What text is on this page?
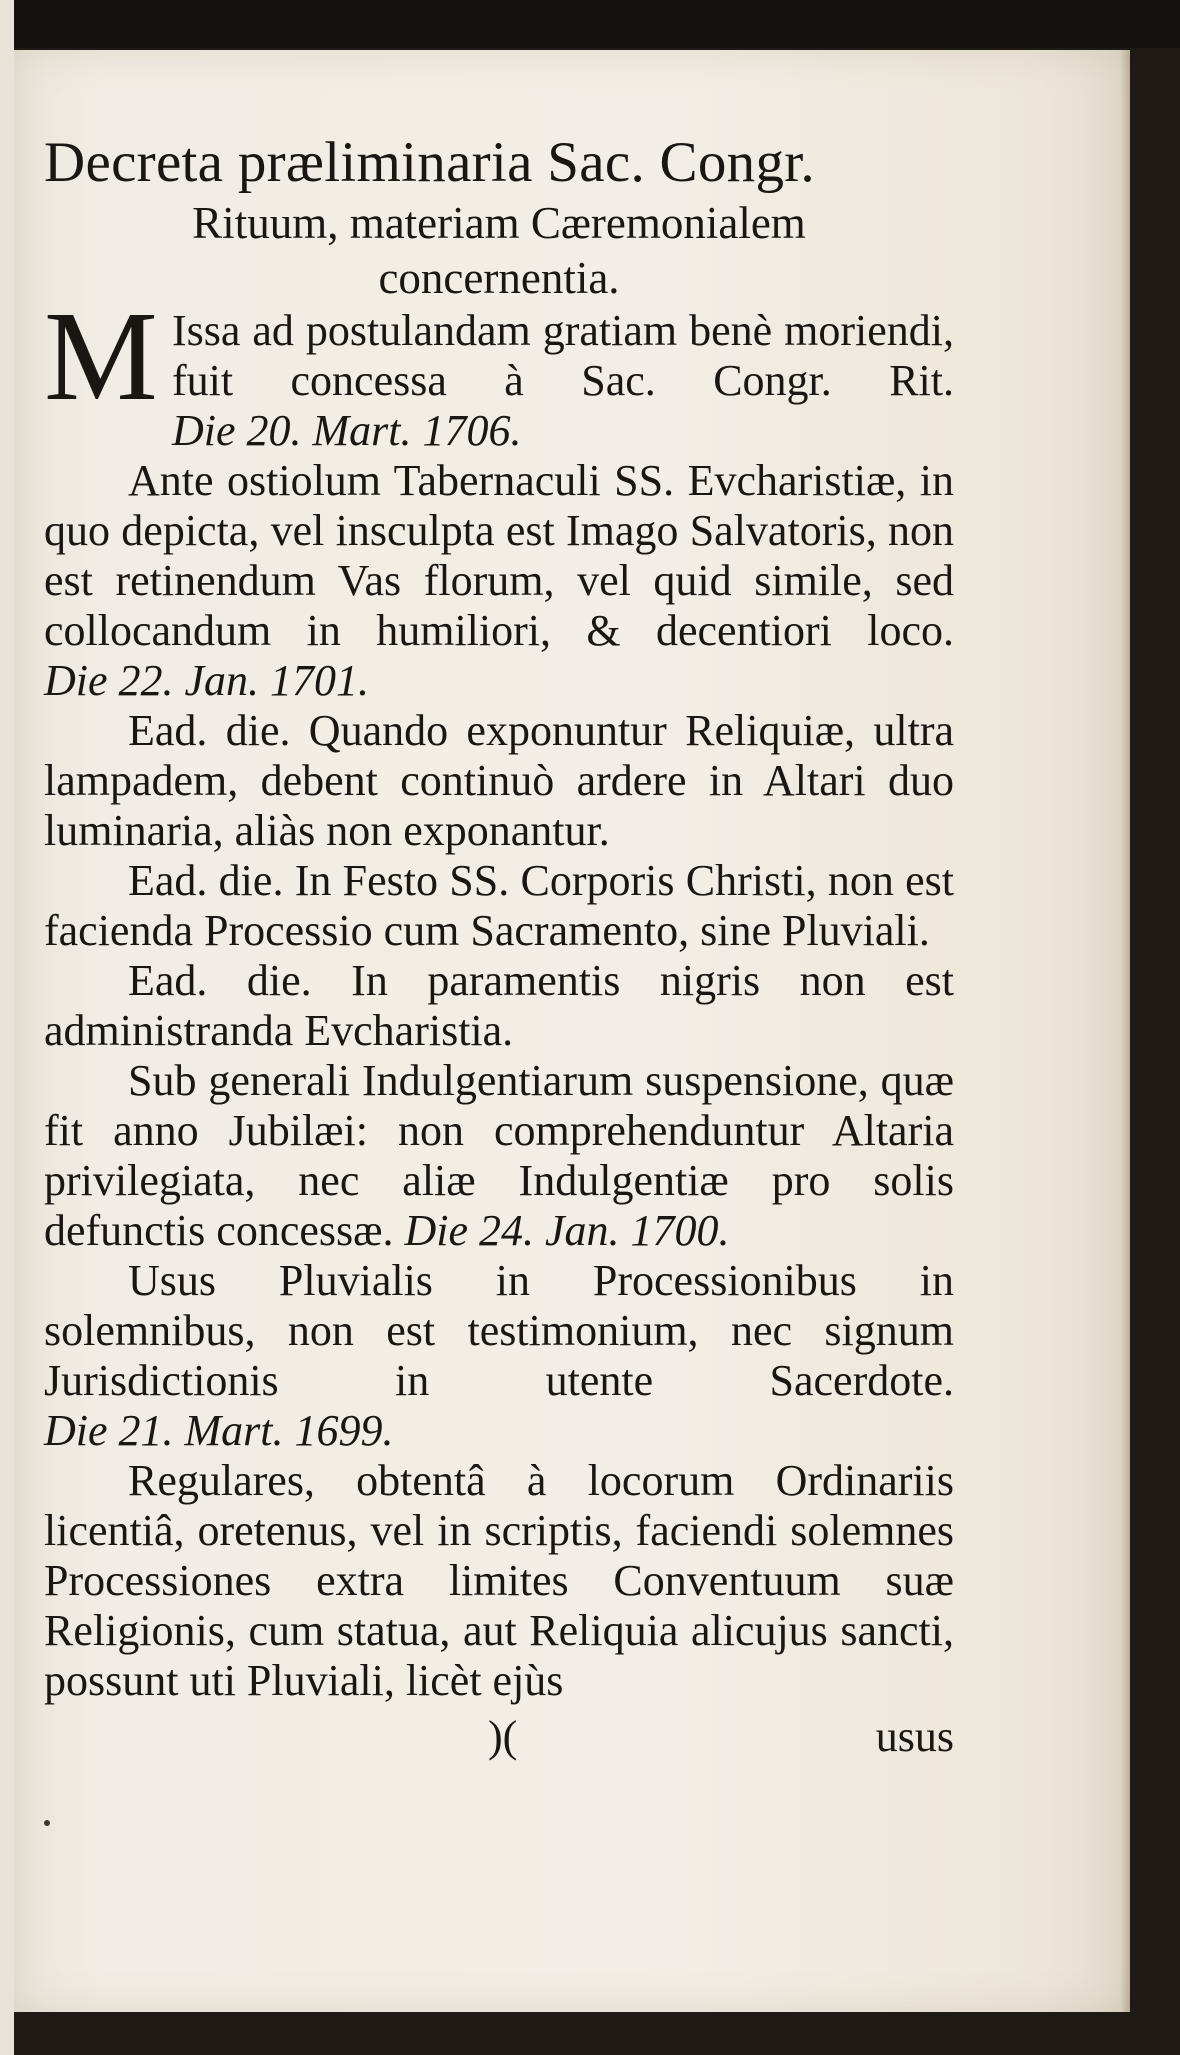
Decreta præliminaria Sac. Congr.

Rituum, materiam Cæremonialem

concernentia.

M Issa ad postulandam gratiam benè moriendi, fuit concessa à Sac. Congr. Rit. Die 20. Mart. 1706.

Ante ostiolum Tabernaculi SS. Evcharistiæ, in quo depicta, vel insculpta est Imago Salvatoris, non est retinendum Vas florum, vel quid simile, sed collocandum in humiliori, & decentiori loco. Die 22. Jan. 1701.

Ead. die. Quando exponuntur Reliquiæ, ultra lampadem, debent continuò ardere in Altari duo luminaria, aliàs non exponantur.

Ead. die. In Festo SS. Corporis Christi, non est facienda Processio cum Sacramento, sine Pluviali.

Ead. die. In paramentis nigris non est administranda Evcharistia.

Sub generali Indulgentiarum suspensione, quæ fit anno Jubilæi: non comprehenduntur Altaria privilegiata, nec aliæ Indulgentiæ pro solis defunctis concessæ. Die 24. Jan. 1700.

Usus Pluvialis in Processionibus in solemnibus, non est testimonium, nec signum Jurisdictionis in utente Sacerdote. Die 21. Mart. 1699.

Regulares, obtentâ à locorum Ordinariis licentiâ, oretenus, vel in scriptis, faciendi solemnes Processiones extra limites Conventuum suæ Religionis, cum statua, aut Reliquia alicujus sancti, possunt uti Pluviali, licèt ejùs

)(	usus
